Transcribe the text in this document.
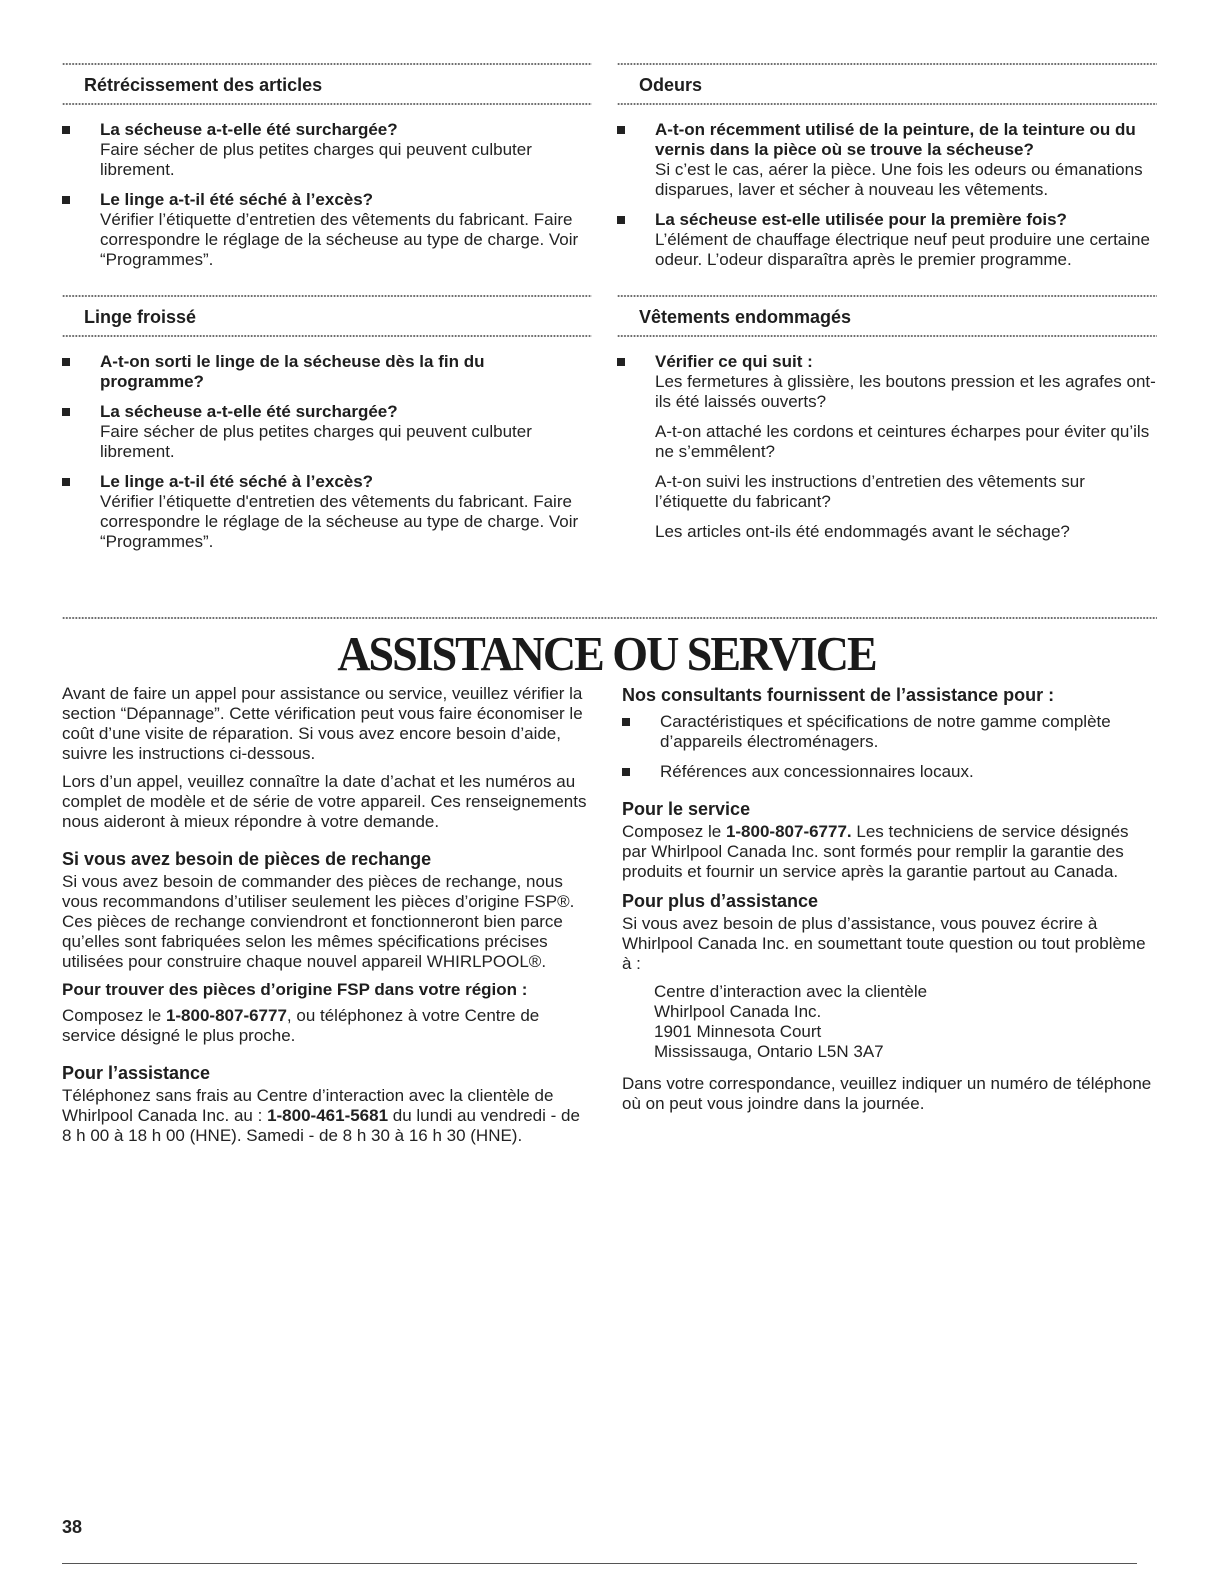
Rétrécissement des articles
La sécheuse a-t-elle été surchargée?
Faire sécher de plus petites charges qui peuvent culbuter librement.
Le linge a-t-il été séché à l’excès?
Vérifier l’étiquette d’entretien des vêtements du fabricant. Faire correspondre le réglage de la sécheuse au type de charge. Voir “Programmes”.
Linge froissé
A-t-on sorti le linge de la sécheuse dès la fin du programme?
La sécheuse a-t-elle été surchargée?
Faire sécher de plus petites charges qui peuvent culbuter librement.
Le linge a-t-il été séché à l’excès?
Vérifier l’étiquette d'entretien des vêtements du fabricant. Faire correspondre le réglage de la sécheuse au type de charge. Voir “Programmes”.
Odeurs
A-t-on récemment utilisé de la peinture, de la teinture ou du vernis dans la pièce où se trouve la sécheuse?
Si c’est le cas, aérer la pièce. Une fois les odeurs ou émanations disparues, laver et sécher à nouveau les vêtements.
La sécheuse est-elle utilisée pour la première fois?
L’élément de chauffage électrique neuf peut produire une certaine odeur. L’odeur disparaîtra après le premier programme.
Vêtements endommagés
Vérifier ce qui suit :
Les fermetures à glissière, les boutons pression et les agrafes ont-ils été laissés ouverts?
A-t-on attaché les cordons et ceintures écharpes pour éviter qu’ils ne s’emmêlent?
A-t-on suivi les instructions d’entretien des vêtements sur l’étiquette du fabricant?
Les articles ont-ils été endommagés avant le séchage?
ASSISTANCE OU SERVICE

Avant de faire un appel pour assistance ou service, veuillez vérifier la section “Dépannage”. Cette vérification peut vous faire économiser le coût d’une visite de réparation. Si vous avez encore besoin d’aide, suivre les instructions ci-dessous.

Lors d’un appel, veuillez connaître la date d’achat et les numéros au complet de modèle et de série de votre appareil. Ces renseignements nous aideront à mieux répondre à votre demande.

Si vous avez besoin de pièces de rechange

Si vous avez besoin de commander des pièces de rechange, nous vous recommandons d’utiliser seulement les pièces d’origine FSP®. Ces pièces de rechange conviendront et fonctionneront bien parce qu’elles sont fabriquées selon les mêmes spécifications précises utilisées pour construire chaque nouvel appareil WHIRLPOOL®.

Pour trouver des pièces d’origine FSP dans votre région :

Composez le 1-800-807-6777, ou téléphonez à votre Centre de service désigné le plus proche.

Pour l’assistance

Téléphonez sans frais au Centre d’interaction avec la clientèle de Whirlpool Canada Inc. au : 1-800-461-5681 du lundi au vendredi - de 8 h 00 à 18 h 00 (HNE). Samedi - de 8 h 30 à 16 h 30 (HNE).

Nos consultants fournissent de l’assistance pour :
Caractéristiques et spécifications de notre gamme complète d’appareils électroménagers.
Références aux concessionnaires locaux.
Pour le service

Composez le 1-800-807-6777. Les techniciens de service désignés par Whirlpool Canada Inc. sont formés pour remplir la garantie des produits et fournir un service après la garantie partout au Canada.

Pour plus d’assistance

Si vous avez besoin de plus d’assistance, vous pouvez écrire à Whirlpool Canada Inc. en soumettant toute question ou tout problème à :

Centre d’interaction avec la clientèle
Whirlpool Canada Inc.
1901 Minnesota Court
Mississauga, Ontario L5N 3A7

Dans votre correspondance, veuillez indiquer un numéro de téléphone où on peut vous joindre dans la journée.

38
